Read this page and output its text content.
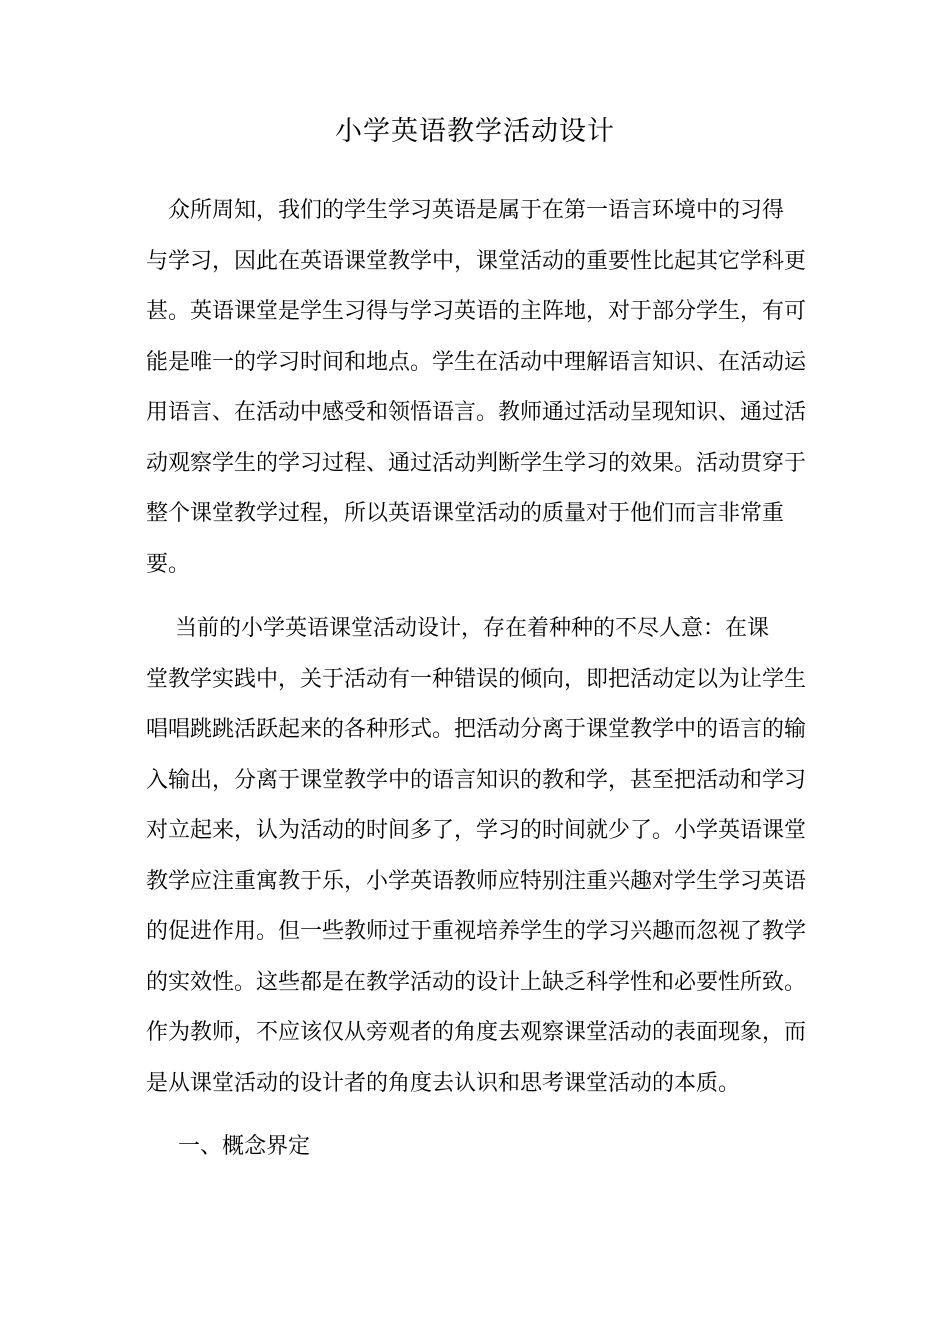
小学英语教学活动设计

　众所周知，我们的学生学习英语是属于在第一语言环境中的习得
与学习，因此在英语课堂教学中，课堂活动的重要性比起其它学科更
甚。英语课堂是学生习得与学习英语的主阵地，对于部分学生，有可
能是唯一的学习时间和地点。学生在活动中理解语言知识、在活动运
用语言、在活动中感受和领悟语言。教师通过活动呈现知识、通过活
动观察学生的学习过程、通过活动判断学生学习的效果。活动贯穿于
整个课堂教学过程，所以英语课堂活动的质量对于他们而言非常重
要。

　 当前的小学英语课堂活动设计，存在着种种的不尽人意：在课
堂教学实践中，关于活动有一种错误的倾向，即把活动定以为让学生
唱唱跳跳活跃起来的各种形式。把活动分离于课堂教学中的语言的输
入输出，分离于课堂教学中的语言知识的教和学，甚至把活动和学习
对立起来，认为活动的时间多了，学习的时间就少了。小学英语课堂
教学应注重寓教于乐，小学英语教师应特别注重兴趣对学生学习英语
的促进作用。但一些教师过于重视培养学生的学习兴趣而忽视了教学
的实效性。这些都是在教学活动的设计上缺乏科学性和必要性所致。
作为教师，不应该仅从旁观者的角度去观察课堂活动的表面现象，而
是从课堂活动的设计者的角度去认识和思考课堂活动的本质。

一、概念界定
